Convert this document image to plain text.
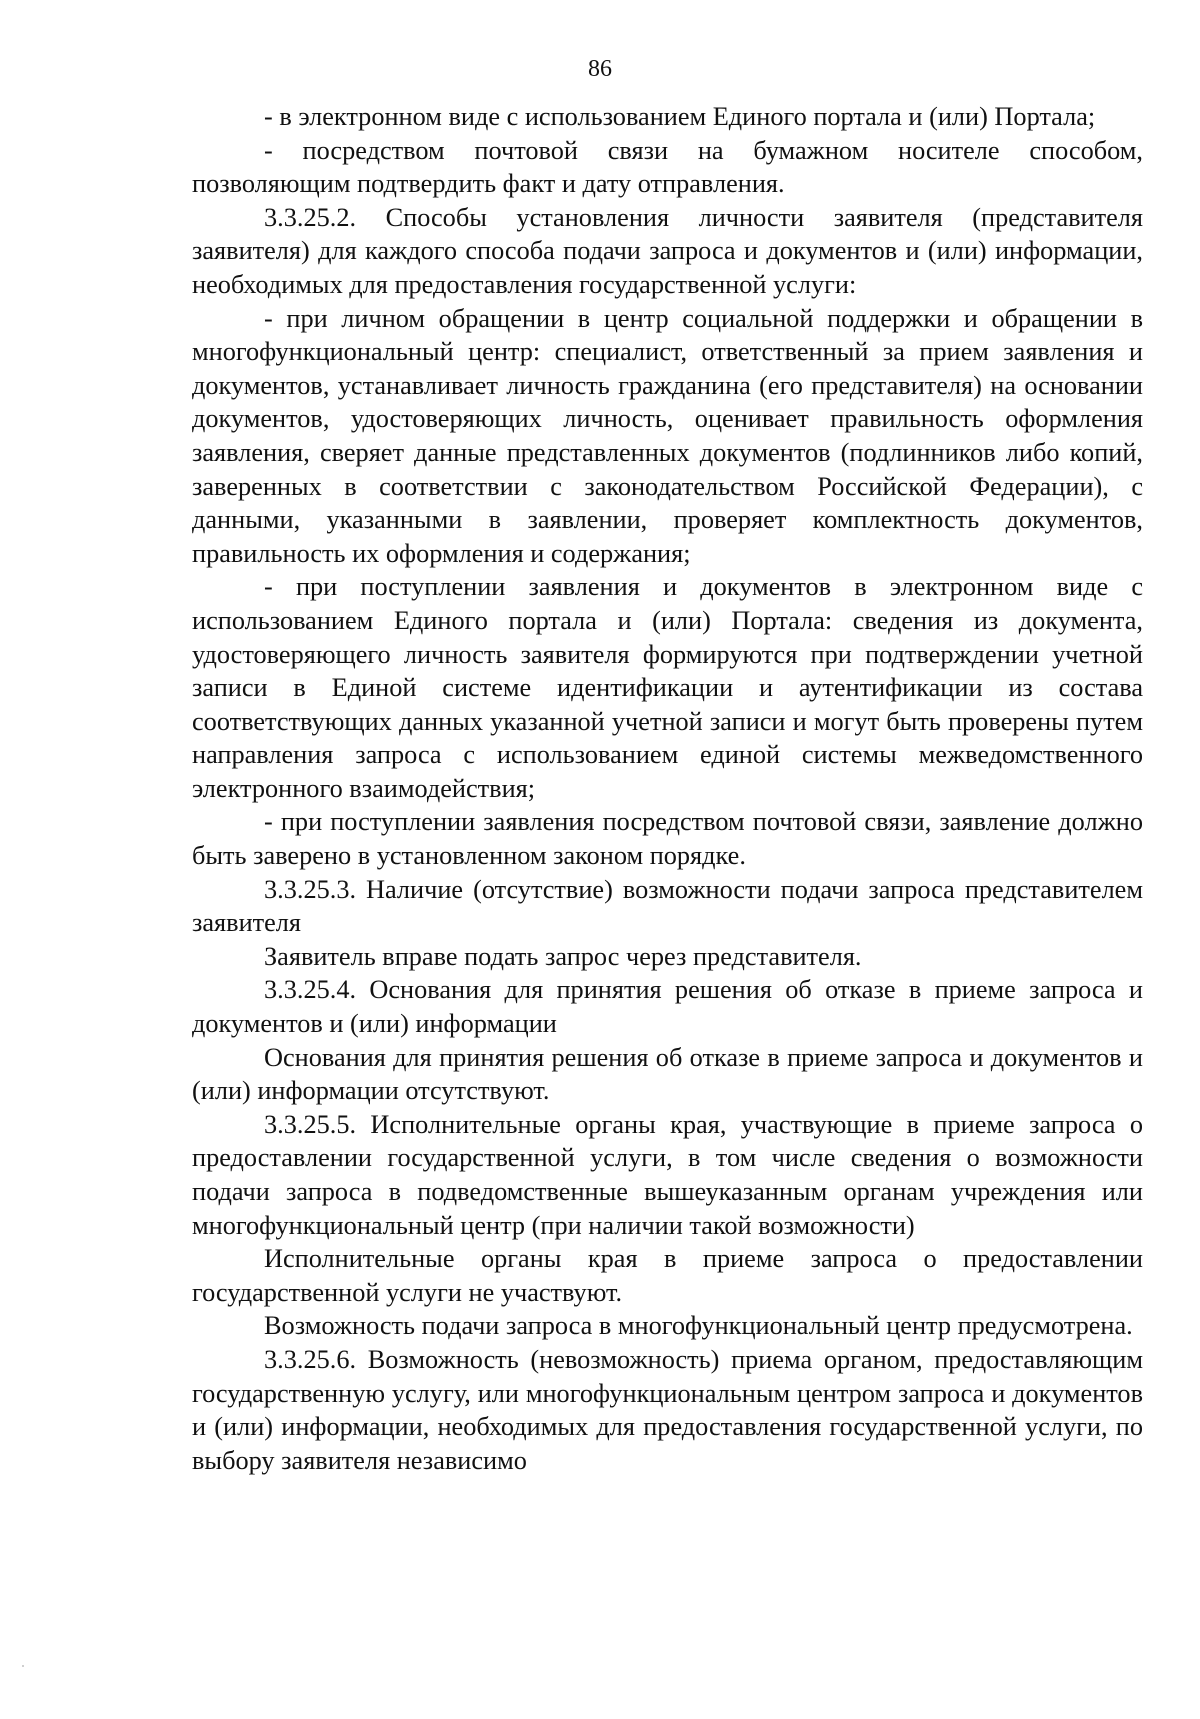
86

- в электронном виде с использованием Единого портала и (или) Портала;

- посредством почтовой связи на бумажном носителе способом, позволяющим подтвердить факт и дату отправления.

3.3.25.2. Способы установления личности заявителя (представителя заявителя) для каждого способа подачи запроса и документов и (или) информации, необходимых для предоставления государственной услуги:

- при личном обращении в центр социальной поддержки и обращении в многофункциональный центр: специалист, ответственный за прием заявления и документов, устанавливает личность гражданина (его представителя) на основании документов, удостоверяющих личность, оценивает правильность оформления заявления, сверяет данные представленных документов (подлинников либо копий, заверенных в соответствии с законодательством Российской Федерации), с данными, указанными в заявлении, проверяет комплектность документов, правильность их оформления и содержания;

- при поступлении заявления и документов в электронном виде с использованием Единого портала и (или) Портала: сведения из документа, удостоверяющего личность заявителя формируются при подтверждении учетной записи в Единой системе идентификации и аутентификации из состава соответствующих данных указанной учетной записи и могут быть проверены путем направления запроса с использованием единой системы межведомственного электронного взаимодействия;

- при поступлении заявления посредством почтовой связи, заявление должно быть заверено в установленном законом порядке.

3.3.25.3. Наличие (отсутствие) возможности подачи запроса представителем заявителя

Заявитель вправе подать запрос через представителя.

3.3.25.4. Основания для принятия решения об отказе в приеме запроса и документов и (или) информации

Основания для принятия решения об отказе в приеме запроса и документов и (или) информации отсутствуют.

3.3.25.5. Исполнительные органы края, участвующие в приеме запроса о предоставлении государственной услуги, в том числе сведения о возможности подачи запроса в подведомственные вышеуказанным органам учреждения или многофункциональный центр (при наличии такой возможности)

Исполнительные органы края в приеме запроса о предоставлении государственной услуги не участвуют.

Возможность подачи запроса в многофункциональный центр предусмотрена.

3.3.25.6. Возможность (невозможность) приема органом, предоставляющим государственную услугу, или многофункциональным центром запроса и документов и (или) информации, необходимых для предоставления государственной услуги, по выбору заявителя независимо
